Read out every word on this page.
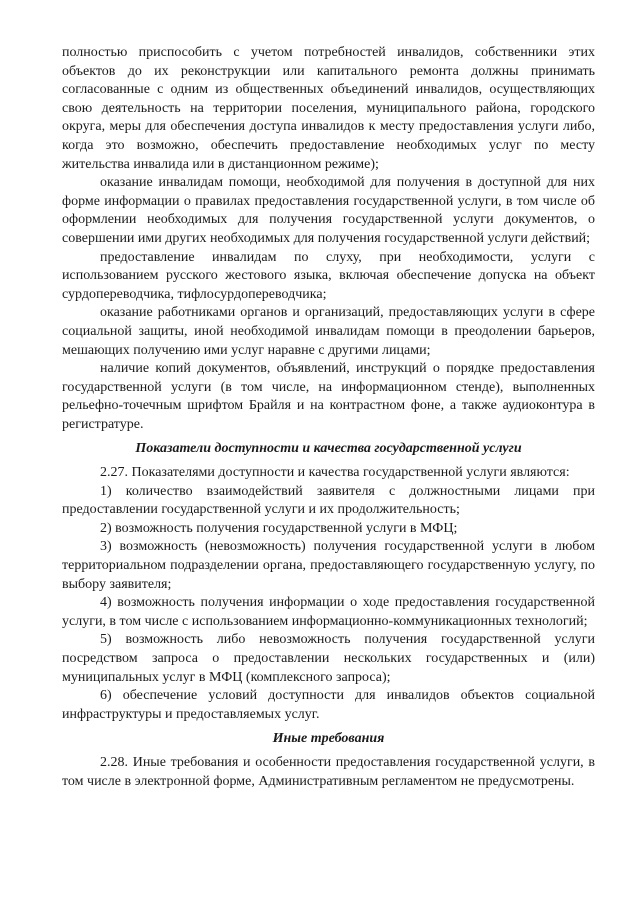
полностью приспособить с учетом потребностей инвалидов, собственники этих объектов до их реконструкции или капитального ремонта должны принимать согласованные с одним из общественных объединений инвалидов, осуществляющих свою деятельность на территории поселения, муниципального района, городского округа, меры для обеспечения доступа инвалидов к месту предоставления услуги либо, когда это возможно, обеспечить предоставление необходимых услуг по месту жительства инвалида или в дистанционном режиме);

оказание инвалидам помощи, необходимой для получения в доступной для них форме информации о правилах предоставления государственной услуги, в том числе об оформлении необходимых для получения государственной услуги документов, о совершении ими других необходимых для получения государственной услуги действий;

предоставление инвалидам по слуху, при необходимости, услуги с использованием русского жестового языка, включая обеспечение допуска на объект сурдопереводчика, тифлосурдопереводчика;

оказание работниками органов и организаций, предоставляющих услуги в сфере социальной защиты, иной необходимой инвалидам помощи в преодолении барьеров, мешающих получению ими услуг наравне с другими лицами;

наличие копий документов, объявлений, инструкций о порядке предоставления государственной услуги (в том числе, на информационном стенде), выполненных рельефно-точечным шрифтом Брайля и на контрастном фоне, а также аудиоконтура в регистратуре.

Показатели доступности и качества государственной услуги

2.27. Показателями доступности и качества государственной услуги являются:

1) количество взаимодействий заявителя с должностными лицами при предоставлении государственной услуги и их продолжительность;

2) возможность получения государственной услуги в МФЦ;

3) возможность (невозможность) получения государственной услуги в любом территориальном подразделении органа, предоставляющего государственную услугу, по выбору заявителя;

4) возможность получения информации о ходе предоставления государственной услуги, в том числе с использованием информационно-коммуникационных технологий;

5) возможность либо невозможность получения государственной услуги посредством запроса о предоставлении нескольких государственных и (или) муниципальных услуг в МФЦ (комплексного запроса);

6) обеспечение условий доступности для инвалидов объектов социальной инфраструктуры и предоставляемых услуг.

Иные требования

2.28. Иные требования и особенности предоставления государственной услуги, в том числе в электронной форме, Административным регламентом не предусмотрены.
